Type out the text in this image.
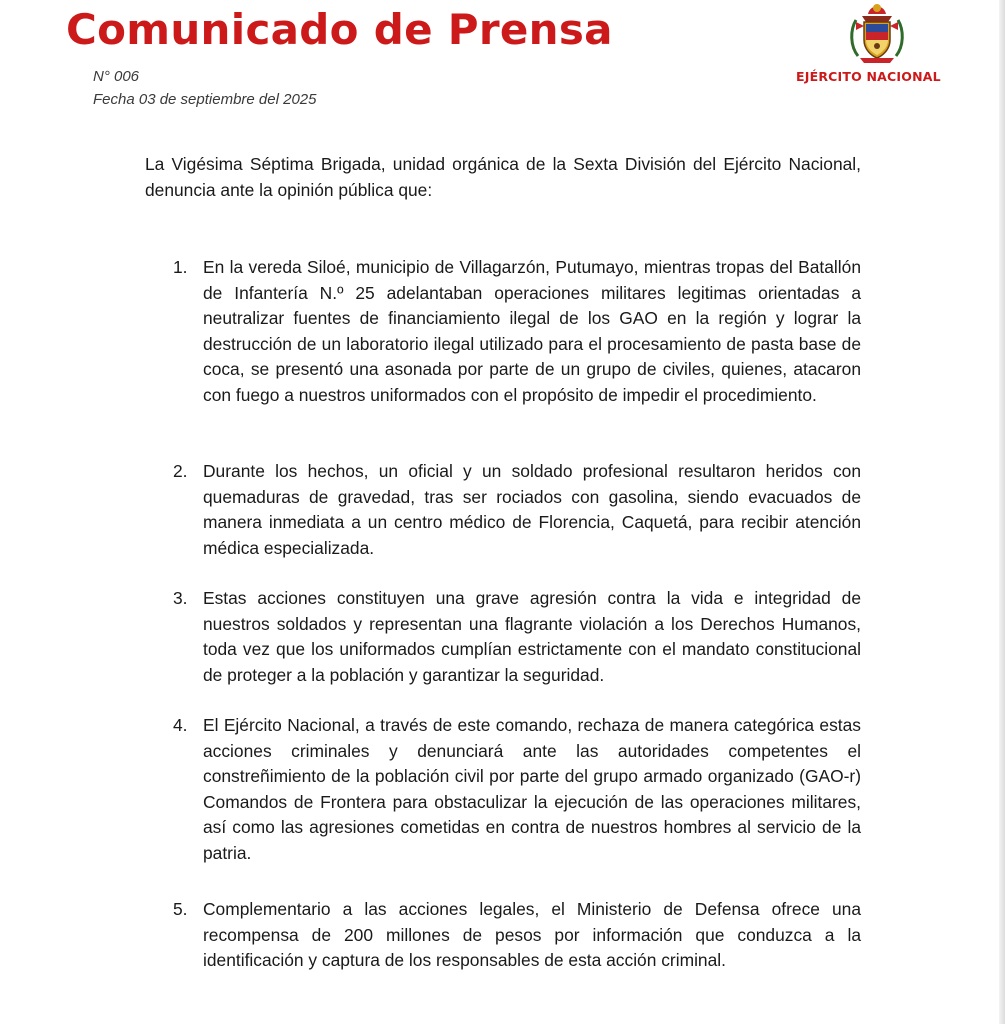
Comunicado de Prensa
N° 006
Fecha 03 de septiembre del 2025
EJÉRCITO NACIONAL

La Vigésima Séptima Brigada, unidad orgánica de la Sexta División del Ejército Nacional, denuncia ante la opinión pública que:

1. En la vereda Siloé, municipio de Villagarzón, Putumayo, mientras tropas del Batallón de Infantería N.º 25 adelantaban operaciones militares legitimas orientadas a neutralizar fuentes de financiamiento ilegal de los GAO en la región y lograr la destrucción de un laboratorio ilegal utilizado para el procesamiento de pasta base de coca, se presentó una asonada por parte de un grupo de civiles, quienes, atacaron con fuego a nuestros uniformados con el propósito de impedir el procedimiento.

2. Durante los hechos, un oficial y un soldado profesional resultaron heridos con quemaduras de gravedad, tras ser rociados con gasolina, siendo evacuados de manera inmediata a un centro médico de Florencia, Caquetá, para recibir atención médica especializada.

3. Estas acciones constituyen una grave agresión contra la vida e integridad de nuestros soldados y representan una flagrante violación a los Derechos Humanos, toda vez que los uniformados cumplían estrictamente con el mandato constitucional de proteger a la población y garantizar la seguridad.

4. El Ejército Nacional, a través de este comando, rechaza de manera categórica estas acciones criminales y denunciará ante las autoridades competentes el constreñimiento de la población civil por parte del grupo armado organizado (GAO-r) Comandos de Frontera para obstaculizar la ejecución de las operaciones militares, así como las agresiones cometidas en contra de nuestros hombres al servicio de la patria.

5. Complementario a las acciones legales, el Ministerio de Defensa ofrece una recompensa de 200 millones de pesos por información que conduzca a la identificación y captura de los responsables de esta acción criminal.
